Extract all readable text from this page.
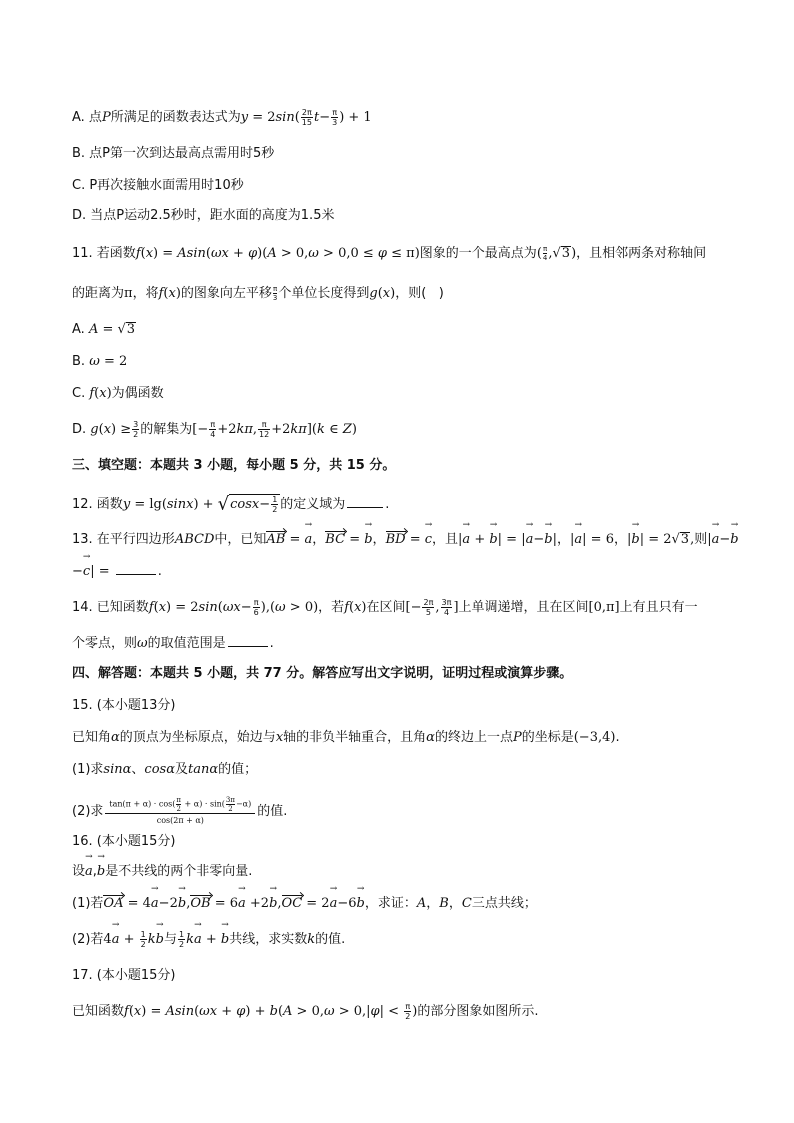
A. 点P所满足的函数表达式为$y = 2\sin( \frac{2\pi}{15} t- \frac{\pi}{3}$ ) + 1
B. 点P第一次到达最高点需用时5秒
C. P再次接触水面需用时10秒
D. 当点P运动2.5秒时，距水面的高度为1.5米
11. 若函数f(x) = Asin(ωx + φ)(A > 0,ω > 0,0 ≤ φ ≤ π)图象的一个最高点为( $\frac{\pi}{4} ,√3$)，且相邻两条对称轴间
的距离为π，将f(x)的图象向左平移 $\frac{\pi}{3}$ 个单位长度得到g(x)，则(   )
A. A = √3
B. ω = 2
C. f(x)为偶函数
D. $g(x) \ge \frac{3}{2}$ 的解集为[− $\frac{\pi}{4} +2k\pi$, $\frac{\pi}{12} +2k\pi](k$ ∈ Z)
三、填空题：本题共 3 小题，每小题 5 分，共 15 分。
12. 函数$y = \lg(\sin x) + √\cos x- \frac{1}{2}$ 的定义域为	.
13. 在平行四边形ABCD中，已知AB = → a，BC = → b，BD = → c，且|→ a + → b| = |→ a−→ b|，|→ a| = 6，|→ b| = 2√3,则|→ a−→ b
−→ c| =	.
14. 已知函数$f(x) = 2\sin(\omega x- \frac{\pi}{6} ),(\omega > 0)$，若f(x)在区间[− $\frac{2\pi}{5}$ , $\frac{3\pi}{4}$ ]上单调递增，且在区间[0,π]上有且只有一
个零点，则ω的取值范围是	.
四、解答题：本题共 5 小题，共 77 分。解答应写出文字说明，证明过程或演算步骤。
15. (本小题13分)
已知角α的顶点为坐标原点，始边与x轴的非负半轴重合，且角α的终边上一点P的坐标是(−3,4).
(1)求sinα、cosα及tanα的值；
(2)求 $\frac{\tan(\pi + \alpha) \cdot \cos( \frac{\pi}{2} + \alpha) \cdot \sin( \frac{3\pi}{2} -\alpha)}{\cos(2\pi + \alpha)}$ 的值.
16. (本小题15分)
设→ a,→ b是不共线的两个非零向量.
(1)若OA = 4→ a−2→ b,OB = 6→ a +2→ b,OC = 2→ a−6→ b，求证：A，B，C三点共线；
(2)若$4\to a + \frac{1}{2} k\to b$与 $\frac{1}{2} k\to a$ + → b共线，求实数k的值.
17. (本小题15分)
已知函数$f(x) = Asin(\omega x + \varphi) + b(A > 0,\omega > 0,|\varphi| < \frac{\pi}{2}$ )的部分图象如图所示.
